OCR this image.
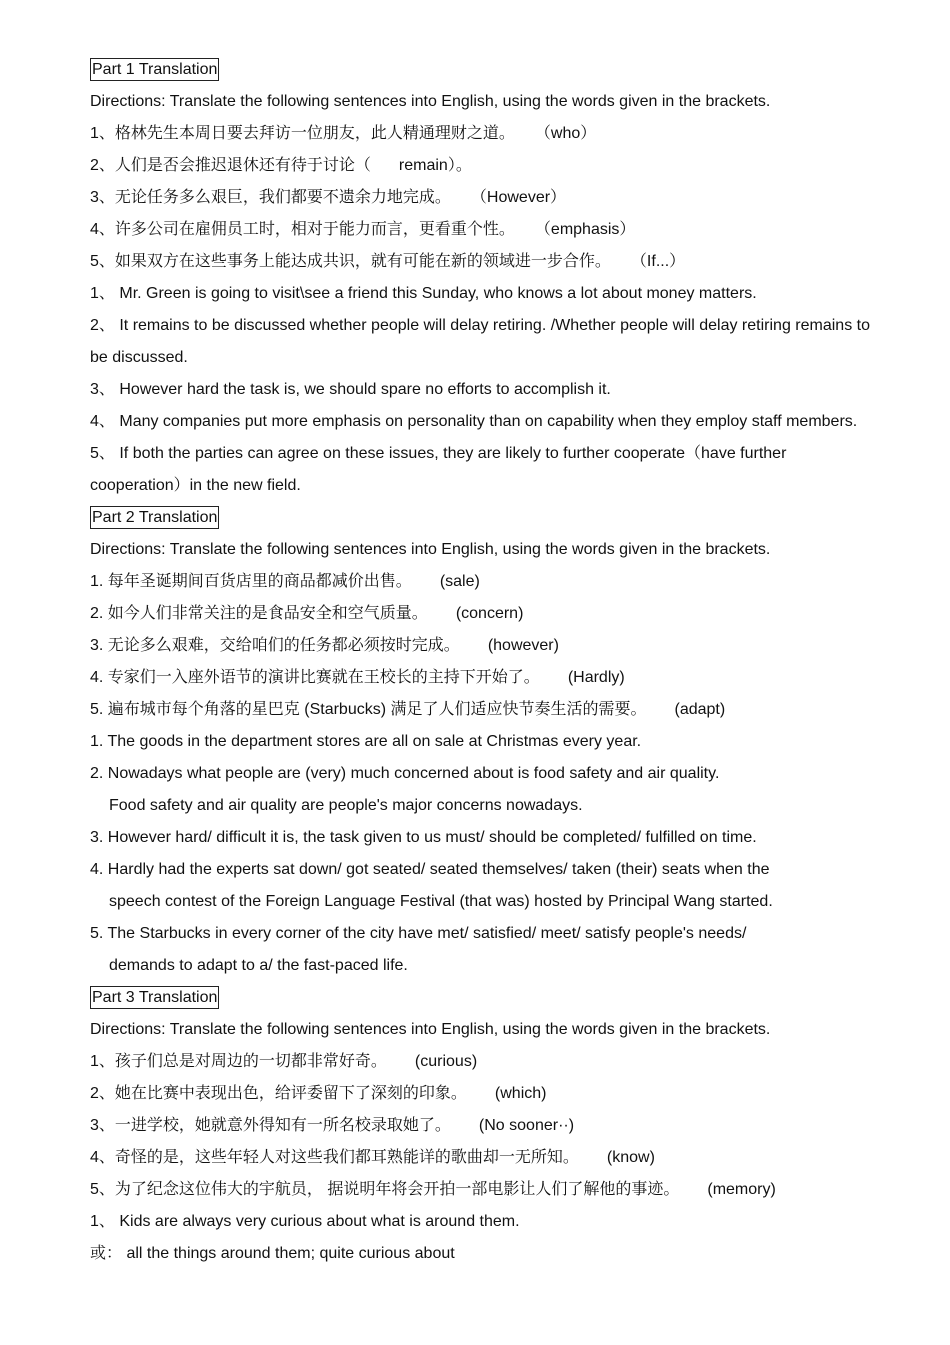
Part 1 Translation
Directions: Translate the following sentences into English, using the words given in the brackets.
1、格林先生本周日要去拜访一位朋友，此人精通理财之道。 （who）
2、人们是否会推迟退休还有待于讨论（ remain）。
3、无论任务多么艰巨，我们都要不遗余力地完成。 （However）
4、许多公司在雇佣员工时，相对于能力而言，更看重个性。 （emphasis）
5、如果双方在这些事务上能达成共识，就有可能在新的领域进一步合作。 （If...）
1、 Mr. Green is going to visit\see a friend this Sunday, who knows a lot about money matters.
2、 It remains to be discussed whether people will delay retiring. /Whether people will delay retiring remains to be discussed.
3、 However hard the task is, we should spare no efforts to accomplish it.
4、 Many companies put more emphasis on personality than on capability when they employ staff members.
5、 If both the parties can agree on these issues, they are likely to further cooperate（have further cooperation）in the new field.
Part 2 Translation
Directions: Translate the following sentences into English, using the words given in the brackets.
1. 每年圣诞期间百货店里的商品都减价出售。 (sale)
2. 如今人们非常关注的是食品安全和空气质量。 (concern)
3. 无论多么艰难，交给咱们的任务都必须按时完成。 (however)
4. 专家们一入座外语节的演讲比赛就在王校长的主持下开始了。 (Hardly)
5. 遍布城市每个角落的星巴克 (Starbucks) 满足了人们适应快节奏生活的需要。 (adapt)
1. The goods in the department stores are all on sale at Christmas every year.
2. Nowadays what people are (very) much concerned about is food safety and air quality.
Food safety and air quality are people's major concerns nowadays.
3. However hard/ difficult it is, the task given to us must/ should be completed/ fulfilled on time.
4. Hardly had the experts sat down/ got seated/ seated themselves/ taken (their) seats when the
speech contest of the Foreign Language Festival (that was) hosted by Principal Wang started.
5. The Starbucks in every corner of the city have met/ satisfied/ meet/ satisfy people's needs/
demands to adapt to a/ the fast-paced life.
Part 3 Translation
Directions: Translate the following sentences into English, using the words given in the brackets.
1、孩子们总是对周边的一切都非常好奇。 (curious)
2、她在比赛中表现出色，给评委留下了深刻的印象。 (which)
3、一进学校，她就意外得知有一所名校录取她了。 (No sooner··)
4、奇怪的是，这些年轻人对这些我们都耳熟能详的歌曲却一无所知。 (know)
5、为了纪念这位伟大的宇航员， 据说明年将会开拍一部电影让人们了解他的事迹。 (memory)
1、 Kids are always very curious about what is around them.
或： all the things around them; quite curious about
